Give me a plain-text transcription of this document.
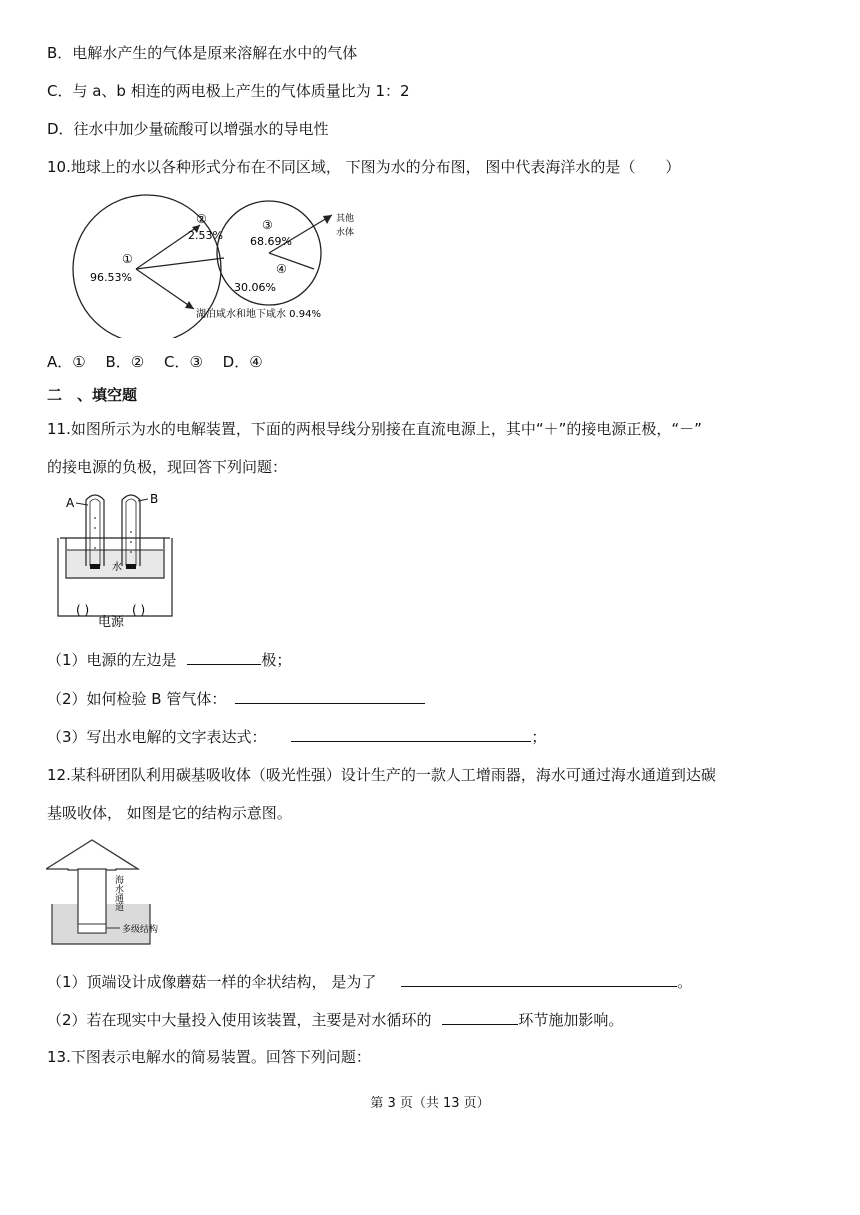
B．电解水产生的气体是原来溶解在水中的气体
C．与 a、b 相连的两电极上产生的气体质量比为 1：2
D．往水中加少量硫酸可以增强水的导电性
10.地球上的水以各种形式分布在不同区域， 下图为水的分布图， 图中代表海洋水的是（　　）
①
96.53%
②
2.53%
③
68.69%
④
30.06%
其他
水体
湖泊咸水和地下咸水 0.94%
A．①　 B．②　 C．③　 D．④
二　、填空题
11.如图所示为水的电解装置，下面的两根导线分别接在直流电源上，其中“＋”的接电源正极，“－”
的接电源的负极，现回答下列问题：
A	B
水
( )	( )
电源
（1）电源的左边是	极；
（2）如何检验 B 管气体：
（3）写出水电解的文字表达式：	；
12.某科研团队利用碳基吸收体（吸光性强）设计生产的一款人工增雨器，海水可通过海水通道到达碳
基吸收体， 如图是它的结构示意图。
海水通道
多级结构
（1）顶端设计成像蘑菇一样的伞状结构， 是为了	。
（2）若在现实中大量投入使用该装置，主要是对水循环的	环节施加影响。
13.下图表示电解水的简易装置。回答下列问题：
第 3 页（共 13 页）
